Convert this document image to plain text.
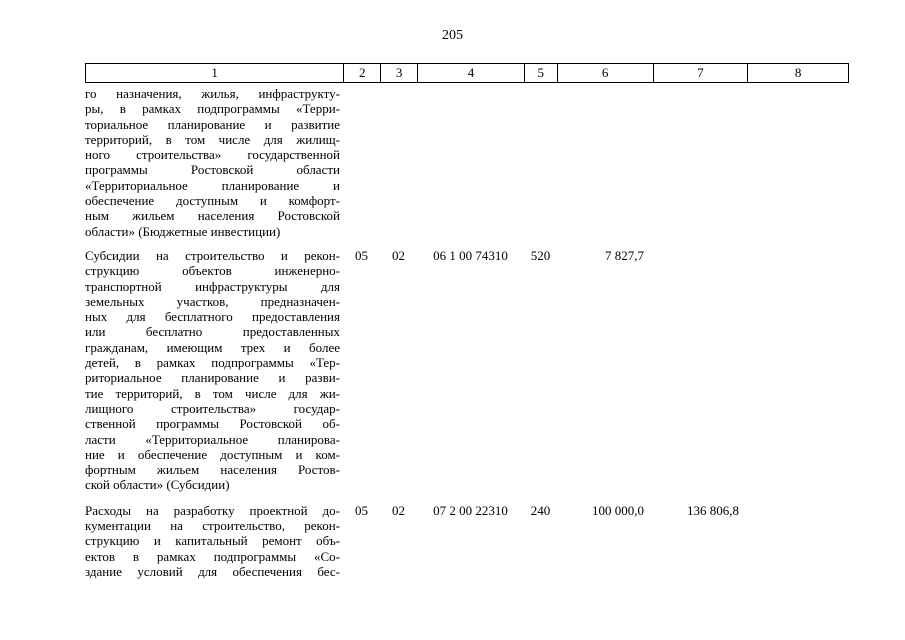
205
1	2	3	4	5	6	7	8
го назначения, жилья, инфраструкту-
ры, в рамках подпрограммы «Терри-
ториальное планирование и развитие
территорий, в том числе для жилищ-
ного строительства» государственной
программы Ростовской области
«Территориальное планирование и
обеспечение доступным и комфорт-
ным жильем населения Ростовской
области» (Бюджетные инвестиции)
Субсидии на строительство и рекон-
струкцию объектов инженерно-
транспортной инфраструктуры для
земельных участков, предназначен-
ных для бесплатного предоставления
или бесплатно предоставленных
гражданам, имеющим трех и более
детей, в рамках подпрограммы «Тер-
риториальное планирование и разви-
тие территорий, в том числе для жи-
лищного строительства» государ-
ственной программы Ростовской об-
ласти «Территориальное планирова-
ние и обеспечение доступным и ком-
фортным жильем населения Ростов-
ской области» (Субсидии)
05	02	06 1 00 74310	520	7 827,7
Расходы на разработку проектной до-
кументации на строительство, рекон-
струкцию и капитальный ремонт объ-
ектов в рамках подпрограммы «Со-
здание условий для обеспечения бес-
05	02	07 2 00 22310	240	100 000,0	136 806,8
